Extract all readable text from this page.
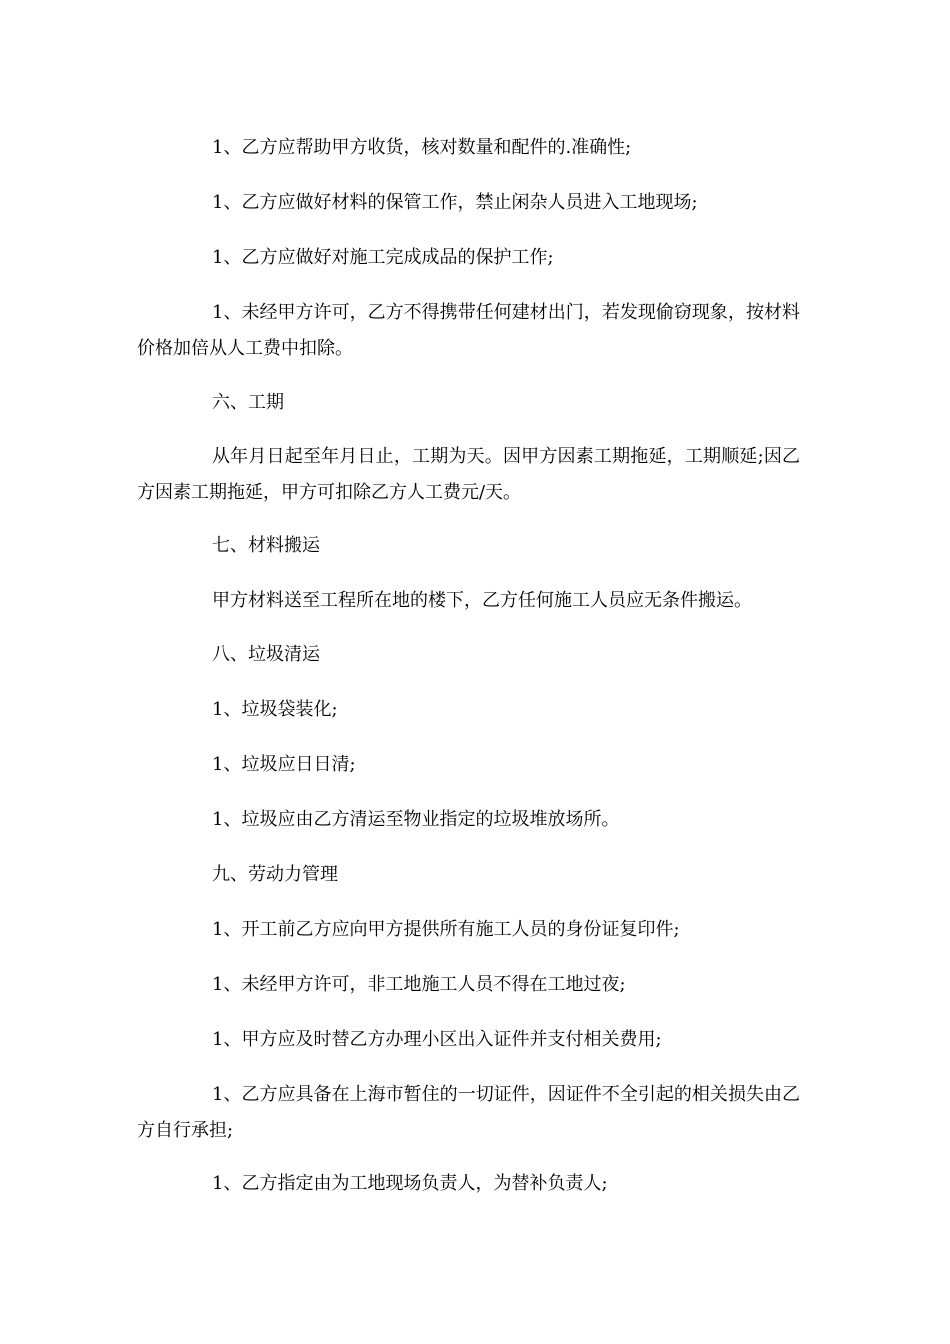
1、乙方应帮助甲方收货，核对数量和配件的.准确性;

1、乙方应做好材料的保管工作，禁止闲杂人员进入工地现场;

1、乙方应做好对施工完成成品的保护工作;

1、未经甲方许可，乙方不得携带任何建材出门，若发现偷窃现象，按材料价格加倍从人工费中扣除。

六、工期

从年月日起至年月日止，工期为天。因甲方因素工期拖延，工期顺延;因乙方因素工期拖延，甲方可扣除乙方人工费元/天。

七、材料搬运

甲方材料送至工程所在地的楼下，乙方任何施工人员应无条件搬运。

八、垃圾清运

1、垃圾袋装化;

1、垃圾应日日清;

1、垃圾应由乙方清运至物业指定的垃圾堆放场所。

九、劳动力管理

1、开工前乙方应向甲方提供所有施工人员的身份证复印件;

1、未经甲方许可，非工地施工人员不得在工地过夜;

1、甲方应及时替乙方办理小区出入证件并支付相关费用;

1、乙方应具备在上海市暂住的一切证件，因证件不全引起的相关损失由乙方自行承担;

1、乙方指定由为工地现场负责人，为替补负责人;
